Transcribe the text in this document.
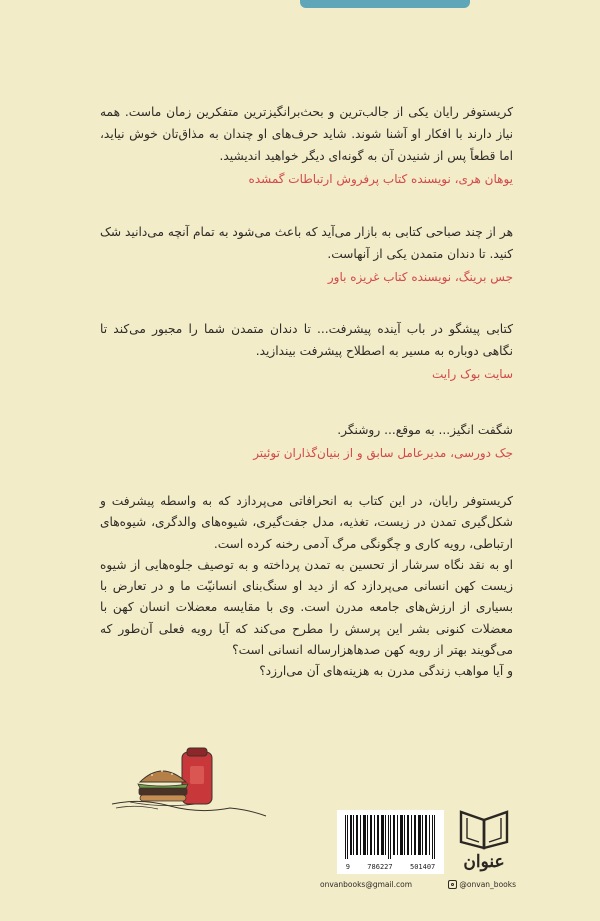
کریستوفر رایان یکی از جالب‌ترین و بحث‌برانگیزترین متفکرین زمان ماست. همه نیاز دارند با افکار او آشنا شوند. شاید حرف‌های او چندان به مذاق‌تان خوش نیاید، اما قطعاً پس از شنیدن آن به گونه‌ای دیگر خواهید اندیشید.

یوهان هری، نویسنده کتاب پرفروش ارتباطات گمشده

هر از چند صباحی کتابی به بازار می‌آید که باعث می‌شود به تمام آنچه می‌دانید شک کنید. تا دندان متمدن یکی از آنهاست.

جس برینگ، نویسنده کتاب غریزه باور

کتابی پیشگو در باب آینده پیشرفت... تا دندان متمدن شما را مجبور می‌کند تا نگاهی دوباره به مسیر به اصطلاح پیشرفت بیندازید.

سایت بوک رایت

شگفت انگیز... به موقع... روشنگر.

جک دورسی، مدیرعامل سابق و از بنیان‌گذاران توئیتر

کریستوفر رایان، در این کتاب به انحرافاتی می‌پردازد که به واسطه پیشرفت و شکل‌گیری تمدن در زیست، تغذیه، مدل جفت‌گیری، شیوه‌های والدگری، شیوه‌های ارتباطی، رویه کاری و چگونگی مرگ آدمی رخنه کرده است.

او به نقد نگاه سرشار از تحسین به تمدن پرداخته و به توصیف جلوه‌هایی از شیوه زیست کهن انسانی می‌پردازد که از دید او سنگ‌بنای انسانیّت ما و در تعارض با بسیاری از ارزش‌های جامعه مدرن است. وی با مقایسه معضلات انسان کهن با معضلات کنونی بشر این پرسش را مطرح می‌کند که آیا رویه فعلی آن‌طور که می‌گویند بهتر از رویه کهن صدهاهزارساله انسانی است؟

و آیا مواهب زندگی مدرن به هزینه‌های آن می‌ارزد؟

9 786227 501407	عنوان
onvanbooks@gmail.com	@onvan_books
